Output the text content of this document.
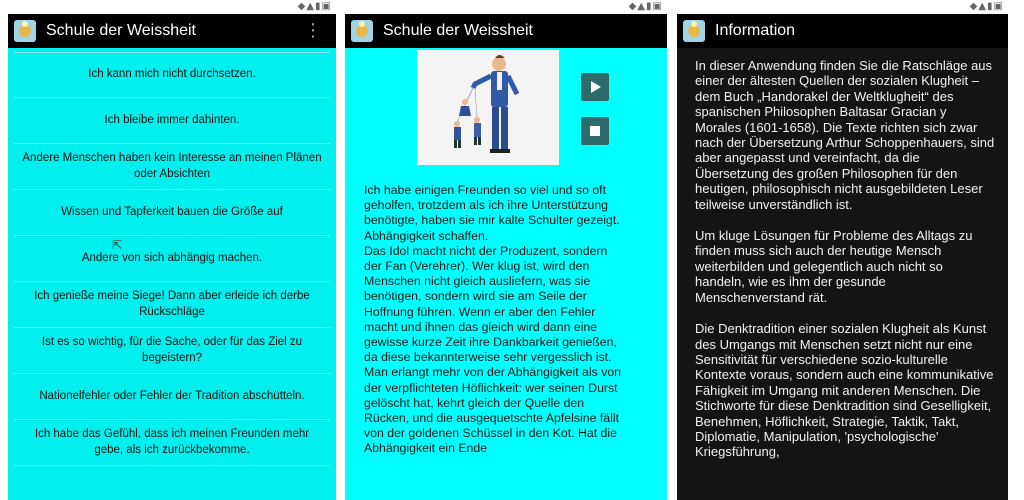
◆▲▮▣
Schule der Weissheit	⋮
Ich kann mich nicht durchsetzen.
Ich bleibe immer dahinten.
Andere Menschen haben kein Interesse an meinen Plänen oder Absichten
Wissen und Tapferkeit bauen die Größe auf
Andere von sich abhängig machen.
Ich genieße meine Siege! Dann aber erleide ich derbe Rückschläge
Ist es so wichtig, für die Sache, oder für das Ziel zu begeistern?
Nationelfehler oder Fehler der Tradition abschütteln.
Ich habe das Gefühl, dass ich meinen Freunden mehr gebe, als ich zurückbekomme.
⇱
◆▲▮▣
Schule der Weissheit
Ich habe einigen Freunden so viel und so oft geholfen, trotzdem als ich ihre Unterstützung benötigte, haben sie mir kalte Schulter gezeigt.
Abhängigkeit schaffen.
Das Idol macht nicht der Produzent, sondern der Fan (Verehrer). Wer klug ist, wird den Menschen nicht gleich ausliefern, was sie benötigen, sondern wird sie am Seile der Hoffnung führen. Wenn er aber den Fehler macht und ihnen das gleich wird dann eine gewisse kurze Zeit ihre Dankbarkeit genießen, da diese bekannterweise sehr vergesslich ist. Man erlangt mehr von der Abhängigkeit als von der verpflichteten Höflichkeit: wer seinen Durst gelöscht hat, kehrt gleich der Quelle den Rücken, und die ausgequetschte Apfelsine fällt von der goldenen Schüssel in den Kot. Hat die Abhängigkeit ein Ende
◆▲▮▣
Information

In dieser Anwendung finden Sie die Ratschläge aus einer der ältesten Quellen der sozialen Klugheit – dem Buch „Handorakel der Weltklugheit“ des spanischen Philosophen Baltasar Gracian y Morales (1601-1658). Die Texte richten sich zwar nach der Übersetzung Arthur Schoppenhauers, sind aber angepasst und vereinfacht, da die Übersetzung des großen Philosophen für den heutigen, philosophisch nicht ausgebildeten Leser teilweise unverständlich ist.

Um kluge Lösungen für Probleme des Alltags zu finden muss sich auch der heutige Mensch weiterbilden und gelegentlich auch nicht so handeln, wie es ihm der gesunde Menschenverstand rät.

Die Denktradition einer sozialen Klugheit als Kunst des Umgangs mit Menschen setzt nicht nur eine Sensitivität für verschiedene sozio-kulturelle Kontexte voraus, sondern auch eine kommunikative Fähigkeit im Umgang mit anderen Menschen. Die Stichworte für diese Denktradition sind Geselligkeit, Benehmen, Höflichkeit, Strategie, Taktik, Takt, Diplomatie, Manipulation, 'psychologische' Kriegsführung,
